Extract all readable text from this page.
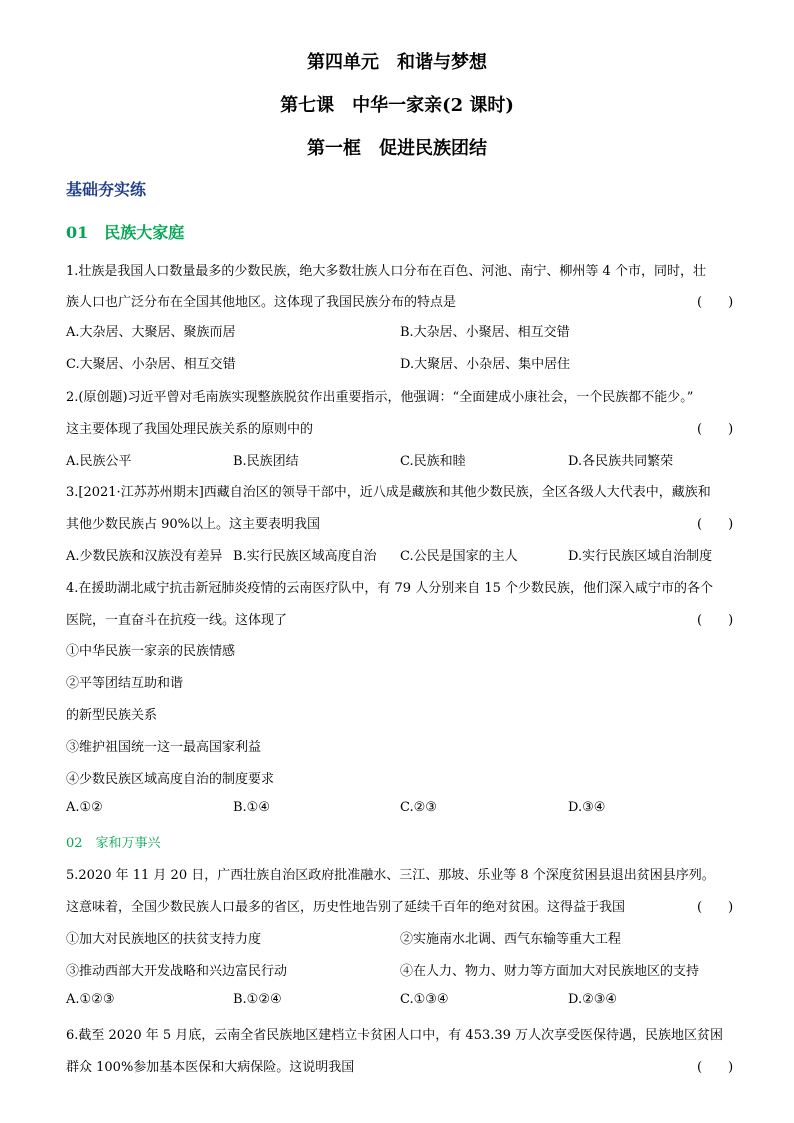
第四单元　和谐与梦想
第七课　中华一家亲(2 课时)
第一框　促进民族团结
基础夯实练
01　民族大家庭
1.壮族是我国人口数量最多的少数民族，绝大多数壮族人口分布在百色、河池、南宁、柳州等 4 个市，同时，壮
族人口也广泛分布在全国其他地区。这体现了我国民族分布的特点是	(　　)
A.大杂居、大聚居、聚族而居	B.大杂居、小聚居、相互交错
C.大聚居、小杂居、相互交错	D.大聚居、小杂居、集中居住
2.(原创题)习近平曾对毛南族实现整族脱贫作出重要指示，他强调：“全面建成小康社会，一个民族都不能少。”
这主要体现了我国处理民族关系的原则中的	(　　)
A.民族公平	B.民族团结	C.民族和睦	D.各民族共同繁荣
3.[2021·江苏苏州期末]西藏自治区的领导干部中，近八成是藏族和其他少数民族，全区各级人大代表中，藏族和
其他少数民族占 90%以上。这主要表明我国	(　　)
A.少数民族和汉族没有差异 B.实行民族区域高度自治 C.公民是国家的主人	D.实行民族区域自治制度
4.在援助湖北咸宁抗击新冠肺炎疫情的云南医疗队中，有 79 人分别来自 15 个少数民族，他们深入咸宁市的各个
医院，一直奋斗在抗疫一线。这体现了	(　　)
①中华民族一家亲的民族情感
②平等团结互助和谐
的新型民族关系
③维护祖国统一这一最高国家利益
④少数民族区域高度自治的制度要求
A.①②	B.①④	C.②③	D.③④
02　家和万事兴
5.2020 年 11 月 20 日，广西壮族自治区政府批准融水、三江、那坡、乐业等 8 个深度贫困县退出贫困县序列。
这意味着，全国少数民族人口最多的省区，历史性地告别了延续千百年的绝对贫困。这得益于我国	(　　)
①加大对民族地区的扶贫支持力度	②实施南水北调、西气东输等重大工程
③推动西部大开发战略和兴边富民行动	④在人力、物力、财力等方面加大对民族地区的支持
A.①②③	B.①②④	C.①③④	D.②③④
6.截至 2020 年 5 月底，云南全省民族地区建档立卡贫困人口中，有 453.39 万人次享受医保待遇，民族地区贫困
群众 100%参加基本医保和大病保险。这说明我国	(　　)
